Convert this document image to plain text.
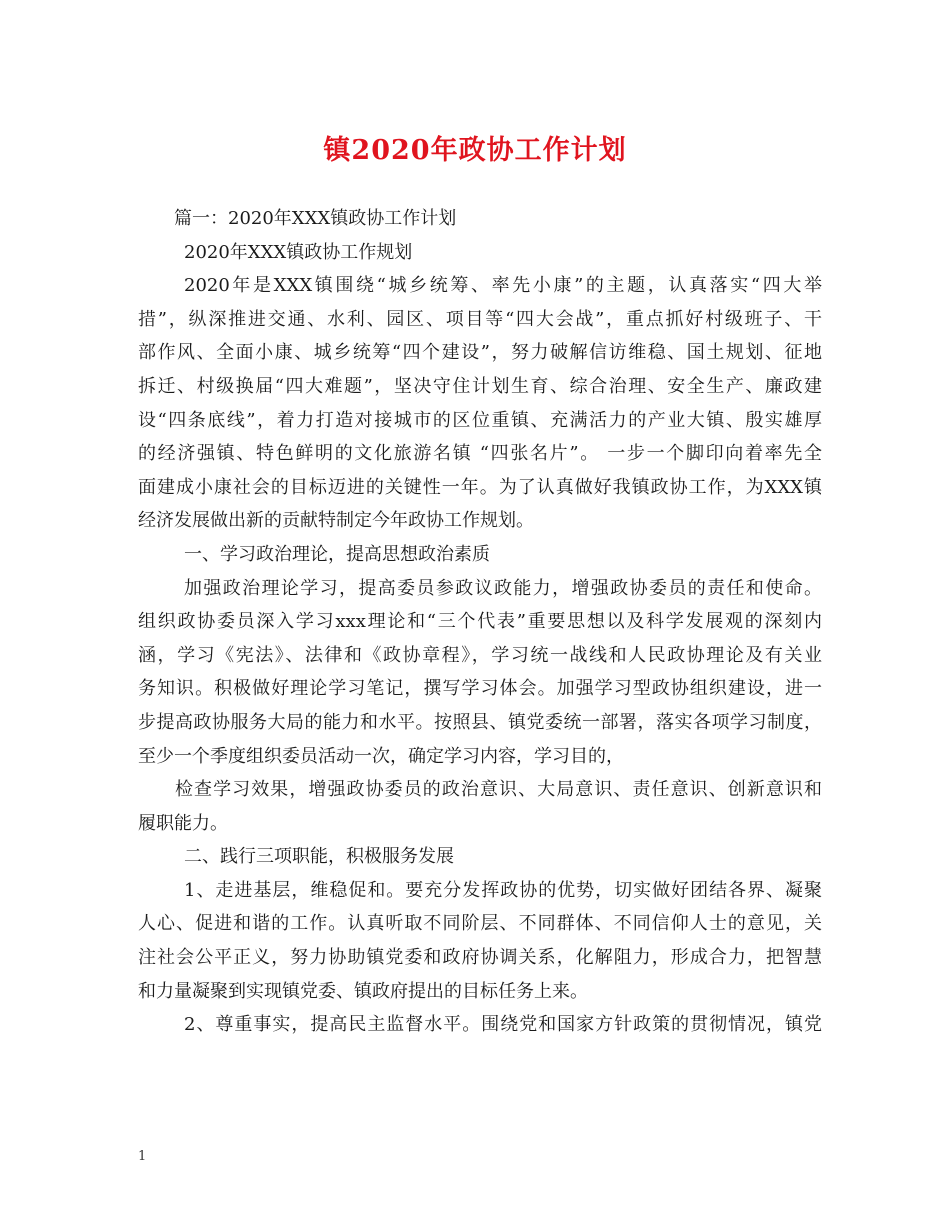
镇2020年政协工作计划
篇一：2020年XXX镇政协工作计划
2020年XXX镇政协工作规划
2020年是XXX镇围绕“城乡统筹、率先小康”的主题，认真落实“四大举
措”，纵深推进交通、水利、园区、项目等“四大会战”，重点抓好村级班子、干
部作风、全面小康、城乡统筹“四个建设”，努力破解信访维稳、国土规划、征地
拆迁、村级换届“四大难题”，坚决守住计划生育、综合治理、安全生产、廉政建
设“四条底线”，着力打造对接城市的区位重镇、充满活力的产业大镇、殷实雄厚
的经济强镇、特色鲜明的文化旅游名镇 “四张名片”。 一步一个脚印向着率先全
面建成小康社会的目标迈进的关键性一年。为了认真做好我镇政协工作，为XXX镇
经济发展做出新的贡献特制定今年政协工作规划。
一、学习政治理论，提高思想政治素质
加强政治理论学习，提高委员参政议政能力，增强政协委员的责任和使命。
组织政协委员深入学习xxx理论和“三个代表”重要思想以及科学发展观的深刻内
涵，学习《宪法》、法律和《政协章程》，学习统一战线和人民政协理论及有关业
务知识。积极做好理论学习笔记，撰写学习体会。加强学习型政协组织建设，进一
步提高政协服务大局的能力和水平。按照县、镇党委统一部署，落实各项学习制度，
至少一个季度组织委员活动一次，确定学习内容，学习目的，
检查学习效果，增强政协委员的政治意识、大局意识、责任意识、创新意识和
履职能力。
二、践行三项职能，积极服务发展
1、走进基层，维稳促和。要充分发挥政协的优势，切实做好团结各界、凝聚
人心、促进和谐的工作。认真听取不同阶层、不同群体、不同信仰人士的意见，关
注社会公平正义，努力协助镇党委和政府协调关系，化解阻力，形成合力，把智慧
和力量凝聚到实现镇党委、镇政府提出的目标任务上来。
2、尊重事实，提高民主监督水平。围绕党和国家方针政策的贯彻情况，镇党
1
